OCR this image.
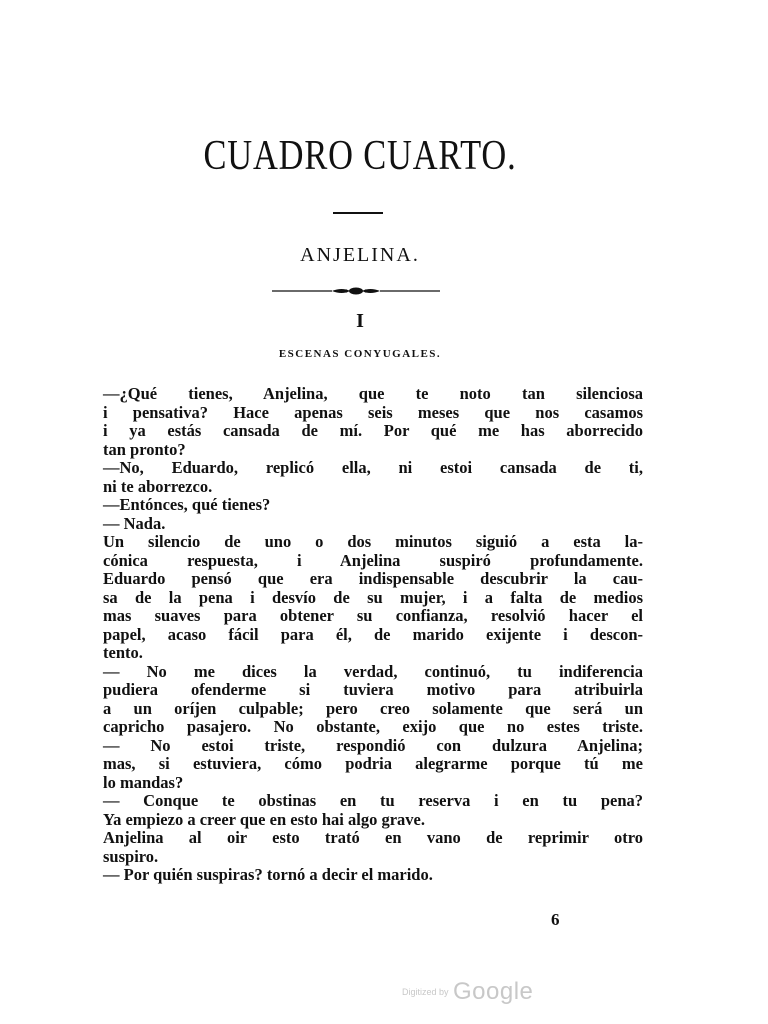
CUADRO CUARTO.
ANJELINA.
I
ESCENAS CONYUGALES.
—¿Qué tienes, Anjelina, que te noto tan silenciosa
i pensativa? Hace apenas seis meses que nos casamos
i ya estás cansada de mí. Por qué me has aborrecido
tan pronto?
—No, Eduardo, replicó ella, ni estoi cansada de ti,
ni te aborrezco.
—Entónces, qué tienes?
— Nada.
Un silencio de uno o dos minutos siguió a esta la-
cónica respuesta, i Anjelina suspiró profundamente.
Eduardo pensó que era indispensable descubrir la cau-
sa de la pena i desvío de su mujer, i a falta de medios
mas suaves para obtener su confianza, resolvió hacer el
papel, acaso fácil para él, de marido exijente i descon-
tento.
— No me dices la verdad, continuó, tu indiferencia
pudiera ofenderme si tuviera motivo para atribuirla
a un oríjen culpable; pero creo solamente que será un
capricho pasajero. No obstante, exijo que no estes triste.
— No estoi triste, respondió con dulzura Anjelina;
mas, si estuviera, cómo podria alegrarme porque tú me
lo mandas?
— Conque te obstinas en tu reserva i en tu pena?
Ya empiezo a creer que en esto hai algo grave.
Anjelina al oir esto trató en vano de reprimir otro
suspiro.
— Por quién suspiras? tornó a decir el marido.
6
Digitized by Google
